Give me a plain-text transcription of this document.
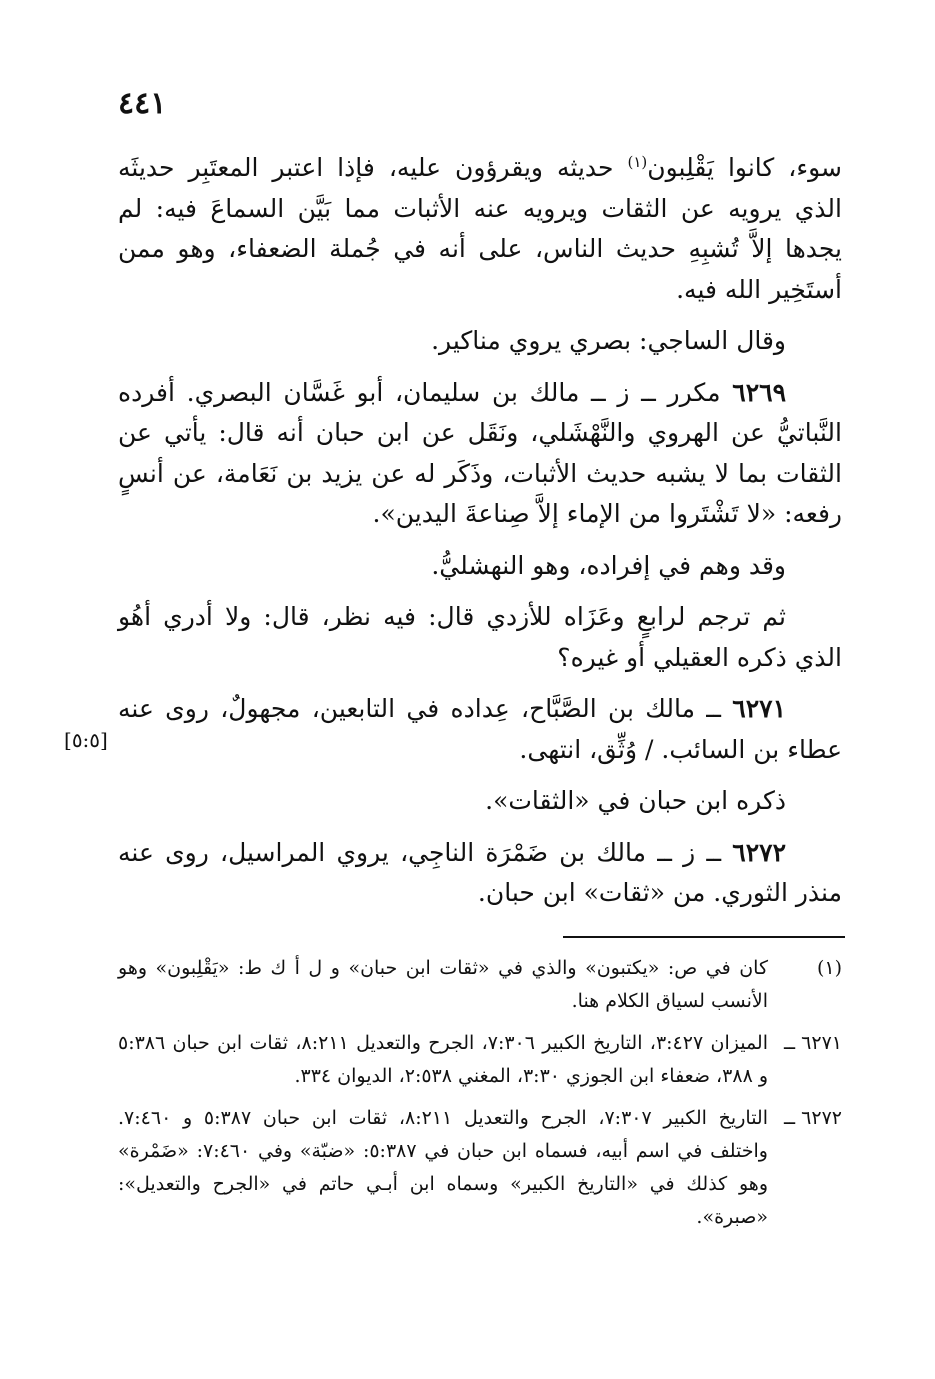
٤٤١

سوء، كانوا يَقْلِبون$^{(١)}$ حديثه ويقرؤون عليه، فإذا اعتبر المعتَبِر حديثَه الذي يرويه عن الثقات ويرويه عنه الأثبات مما بَيَّن السماعَ فيه: لم يجدها إلاَّ تُشبِهِ حديث الناس، على أنه في جُملة الضعفاء، وهو ممن أستَخِير الله فيه.

وقال الساجي: بصري يروي مناكير.

٦٢٦٩ مكرر ــ ز ــ مالك بن سليمان، أبو غَسَّان البصري. أفرده النَّباتيُّ عن الهروي والنَّهْشَلي، ونَقَل عن ابن حبان أنه قال: يأتي عن الثقات بما لا يشبه حديث الأثبات، وذَكَر له عن يزيد بن نَعَامة، عن أنسٍ رفعه: «لا تَشْتَروا من الإماء إلاَّ صِناعةَ اليدين».

وقد وهم في إفراده، وهو النهشليُّ.

ثم ترجم لرابعٍ وعَزَاه للأزدي قال: فيه نظر، قال: ولا أدري أهُو الذي ذكره العقيلي أو غيره؟

٦٢٧١ ــ مالك بن الصَّبَّاح، عِداده في التابعين، مجهولٌ، روى عنه عطاء بن السائب. / وُثِّق، انتهى.

ذكره ابن حبان في «الثقات».

٦٢٧٢ ــ ز ــ مالك بن ضَمْرَة الناجِي، يروي المراسيل، روى عنه منذر الثوري. من «ثقات» ابن حبان.

[٥:٥]
(١)
كان في ص: «يكتبون» والذي في «ثقات ابن حبان» و ل أ ك ط: «يَقْلِبون» وهو الأنسب لسياق الكلام هنا.
٦٢٧١ ــ
الميزان ٣:٤٢٧، التاريخ الكبير ٧:٣٠٦، الجرح والتعديل ٨:٢١١، ثقات ابن حبان ٥:٣٨٦ و ٣٨٨، ضعفاء ابن الجوزي ٣:٣٠، المغني ٢:٥٣٨، الديوان ٣٣٤.
٦٢٧٢ ــ
التاريخ الكبير ٧:٣٠٧، الجرح والتعديل ٨:٢١١، ثقات ابن حبان ٥:٣٨٧ و ٧:٤٦٠. واختلف في اسم أبيه، فسماه ابن حبان في ٥:٣٨٧: «ضبّة» وفي ٧:٤٦٠: «ضَمْرة» وهو كذلك في «التاريخ الكبير» وسماه ابن أبـي حاتم في «الجرح والتعديل»: «صبرة».
